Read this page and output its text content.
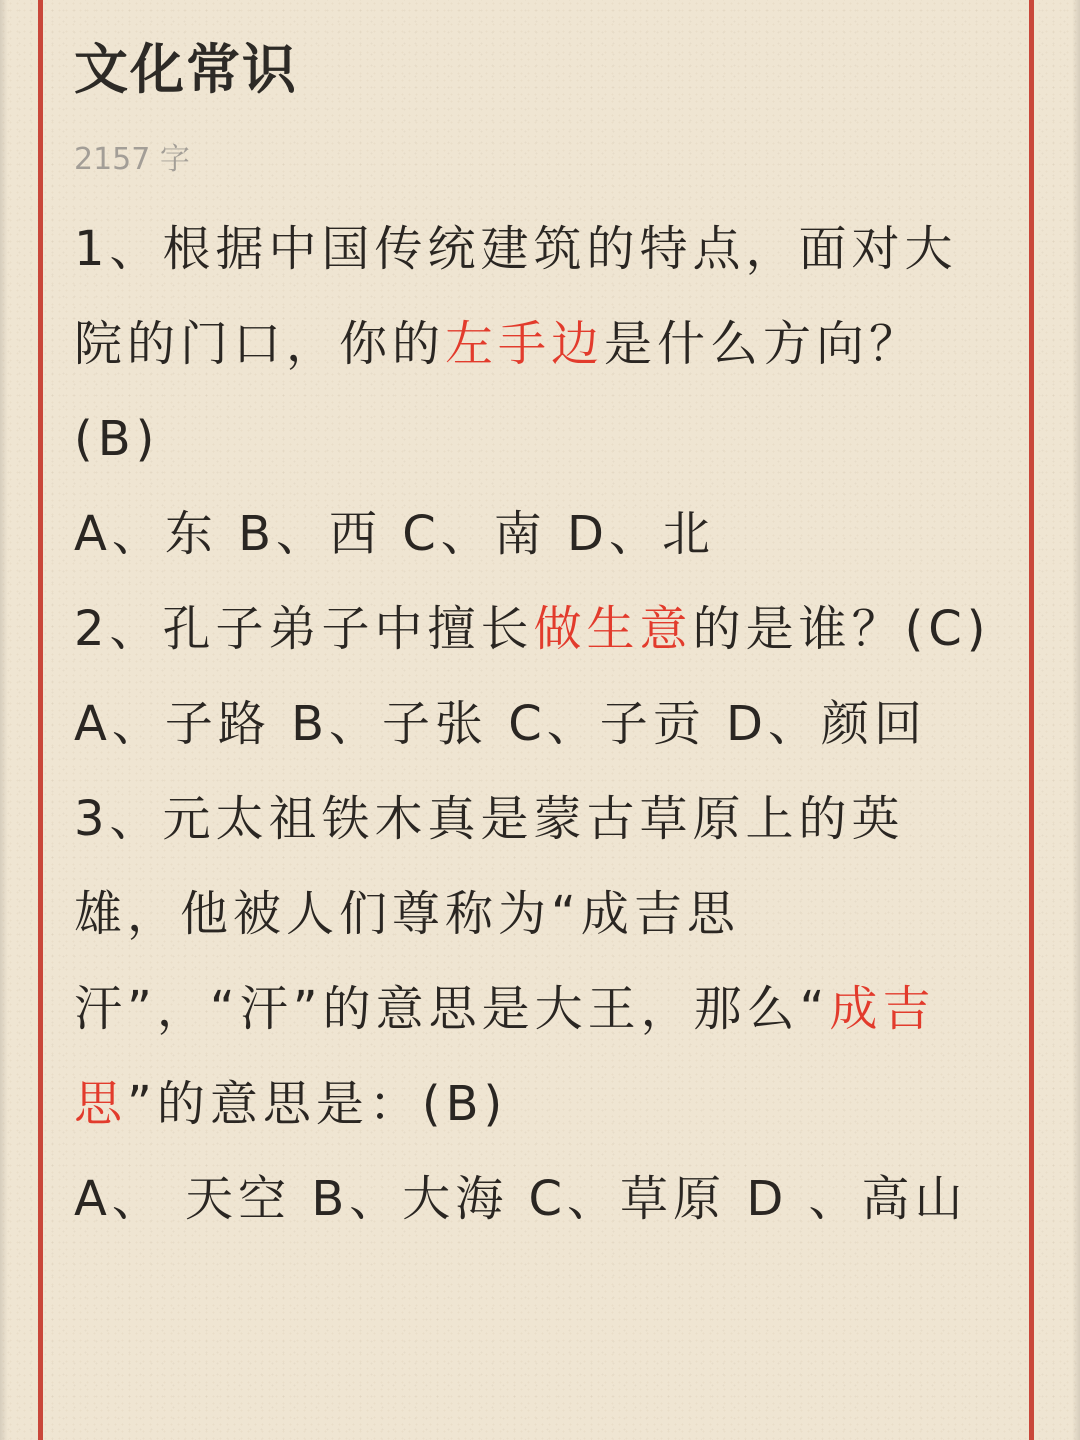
文化常识
2157 字

1、根据中国传统建筑的特点，面对大院的门口，你的左手边是什么方向？(B)

A、东 B、西 C、南 D、北

2、孔子弟子中擅长做生意的是谁？(C)

A、子路 B、子张 C、子贡 D、颜回

3、元太祖铁木真是蒙古草原上的英雄，他被人们尊称为“成吉思汗”，“汗”的意思是大王，那么“成吉思”的意思是：(B)

A、 天空 B、大海 C、草原 D 、高山
